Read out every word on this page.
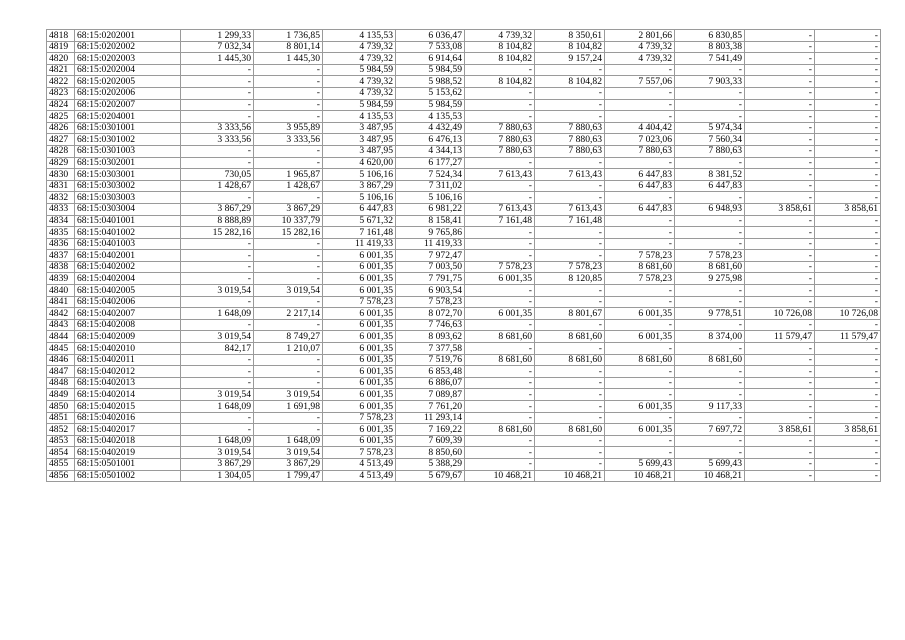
4818	68:15:0202001	1 299,33	1 736,85	4 135,53	6 036,47	4 739,32	8 350,61	2 801,66	6 830,85	-	-
4819	68:15:0202002	7 032,34	8 801,14	4 739,32	7 533,08	8 104,82	8 104,82	4 739,32	8 803,38	-	-
4820	68:15:0202003	1 445,30	1 445,30	4 739,32	6 914,64	8 104,82	9 157,24	4 739,32	7 541,49	-	-
4821	68:15:0202004	-	-	5 984,59	5 984,59	-	-	-	-	-	-
4822	68:15:0202005	-	-	4 739,32	5 988,52	8 104,82	8 104,82	7 557,06	7 903,33	-	-
4823	68:15:0202006	-	-	4 739,32	5 153,62	-	-	-	-	-	-
4824	68:15:0202007	-	-	5 984,59	5 984,59	-	-	-	-	-	-
4825	68:15:0204001	-	-	4 135,53	4 135,53	-	-	-	-	-	-
4826	68:15:0301001	3 333,56	3 955,89	3 487,95	4 432,49	7 880,63	7 880,63	4 404,42	5 974,34	-	-
4827	68:15:0301002	3 333,56	3 333,56	3 487,95	6 476,13	7 880,63	7 880,63	7 023,06	7 560,34	-	-
4828	68:15:0301003	-	-	3 487,95	4 344,13	7 880,63	7 880,63	7 880,63	7 880,63	-	-
4829	68:15:0302001	-	-	4 620,00	6 177,27	-	-	-	-	-	-
4830	68:15:0303001	730,05	1 965,87	5 106,16	7 524,34	7 613,43	7 613,43	6 447,83	8 381,52	-	-
4831	68:15:0303002	1 428,67	1 428,67	3 867,29	7 311,02	-	-	6 447,83	6 447,83	-	-
4832	68:15:0303003	-	-	5 106,16	5 106,16	-	-	-	-	-	-
4833	68:15:0303004	3 867,29	3 867,29	6 447,83	6 981,22	7 613,43	7 613,43	6 447,83	6 948,93	3 858,61	3 858,61
4834	68:15:0401001	8 888,89	10 337,79	5 671,32	8 158,41	7 161,48	7 161,48	-	-	-	-
4835	68:15:0401002	15 282,16	15 282,16	7 161,48	9 765,86	-	-	-	-	-	-
4836	68:15:0401003	-	-	11 419,33	11 419,33	-	-	-	-	-	-
4837	68:15:0402001	-	-	6 001,35	7 972,47	-	-	7 578,23	7 578,23	-	-
4838	68:15:0402002	-	-	6 001,35	7 003,50	7 578,23	7 578,23	8 681,60	8 681,60	-	-
4839	68:15:0402004	-	-	6 001,35	7 791,75	6 001,35	8 120,85	7 578,23	9 275,98	-	-
4840	68:15:0402005	3 019,54	3 019,54	6 001,35	6 903,54	-	-	-	-	-	-
4841	68:15:0402006	-	-	7 578,23	7 578,23	-	-	-	-	-	-
4842	68:15:0402007	1 648,09	2 217,14	6 001,35	8 072,70	6 001,35	8 801,67	6 001,35	9 778,51	10 726,08	10 726,08
4843	68:15:0402008	-	-	6 001,35	7 746,63	-	-	-	-	-	-
4844	68:15:0402009	3 019,54	8 749,27	6 001,35	8 093,62	8 681,60	8 681,60	6 001,35	8 374,00	11 579,47	11 579,47
4845	68:15:0402010	842,17	1 210,07	6 001,35	7 377,58	-	-	-	-	-	-
4846	68:15:0402011	-	-	6 001,35	7 519,76	8 681,60	8 681,60	8 681,60	8 681,60	-	-
4847	68:15:0402012	-	-	6 001,35	6 853,48	-	-	-	-	-	-
4848	68:15:0402013	-	-	6 001,35	6 886,07	-	-	-	-	-	-
4849	68:15:0402014	3 019,54	3 019,54	6 001,35	7 089,87	-	-	-	-	-	-
4850	68:15:0402015	1 648,09	1 691,98	6 001,35	7 761,20	-	-	6 001,35	9 117,33	-	-
4851	68:15:0402016	-	-	7 578,23	11 293,14	-	-	-	-	-	-
4852	68:15:0402017	-	-	6 001,35	7 169,22	8 681,60	8 681,60	6 001,35	7 697,72	3 858,61	3 858,61
4853	68:15:0402018	1 648,09	1 648,09	6 001,35	7 609,39	-	-	-	-	-	-
4854	68:15:0402019	3 019,54	3 019,54	7 578,23	8 850,60	-	-	-	-	-	-
4855	68:15:0501001	3 867,29	3 867,29	4 513,49	5 388,29	-	-	5 699,43	5 699,43	-	-
4856	68:15:0501002	1 304,05	1 799,47	4 513,49	5 679,67	10 468,21	10 468,21	10 468,21	10 468,21	-	-
